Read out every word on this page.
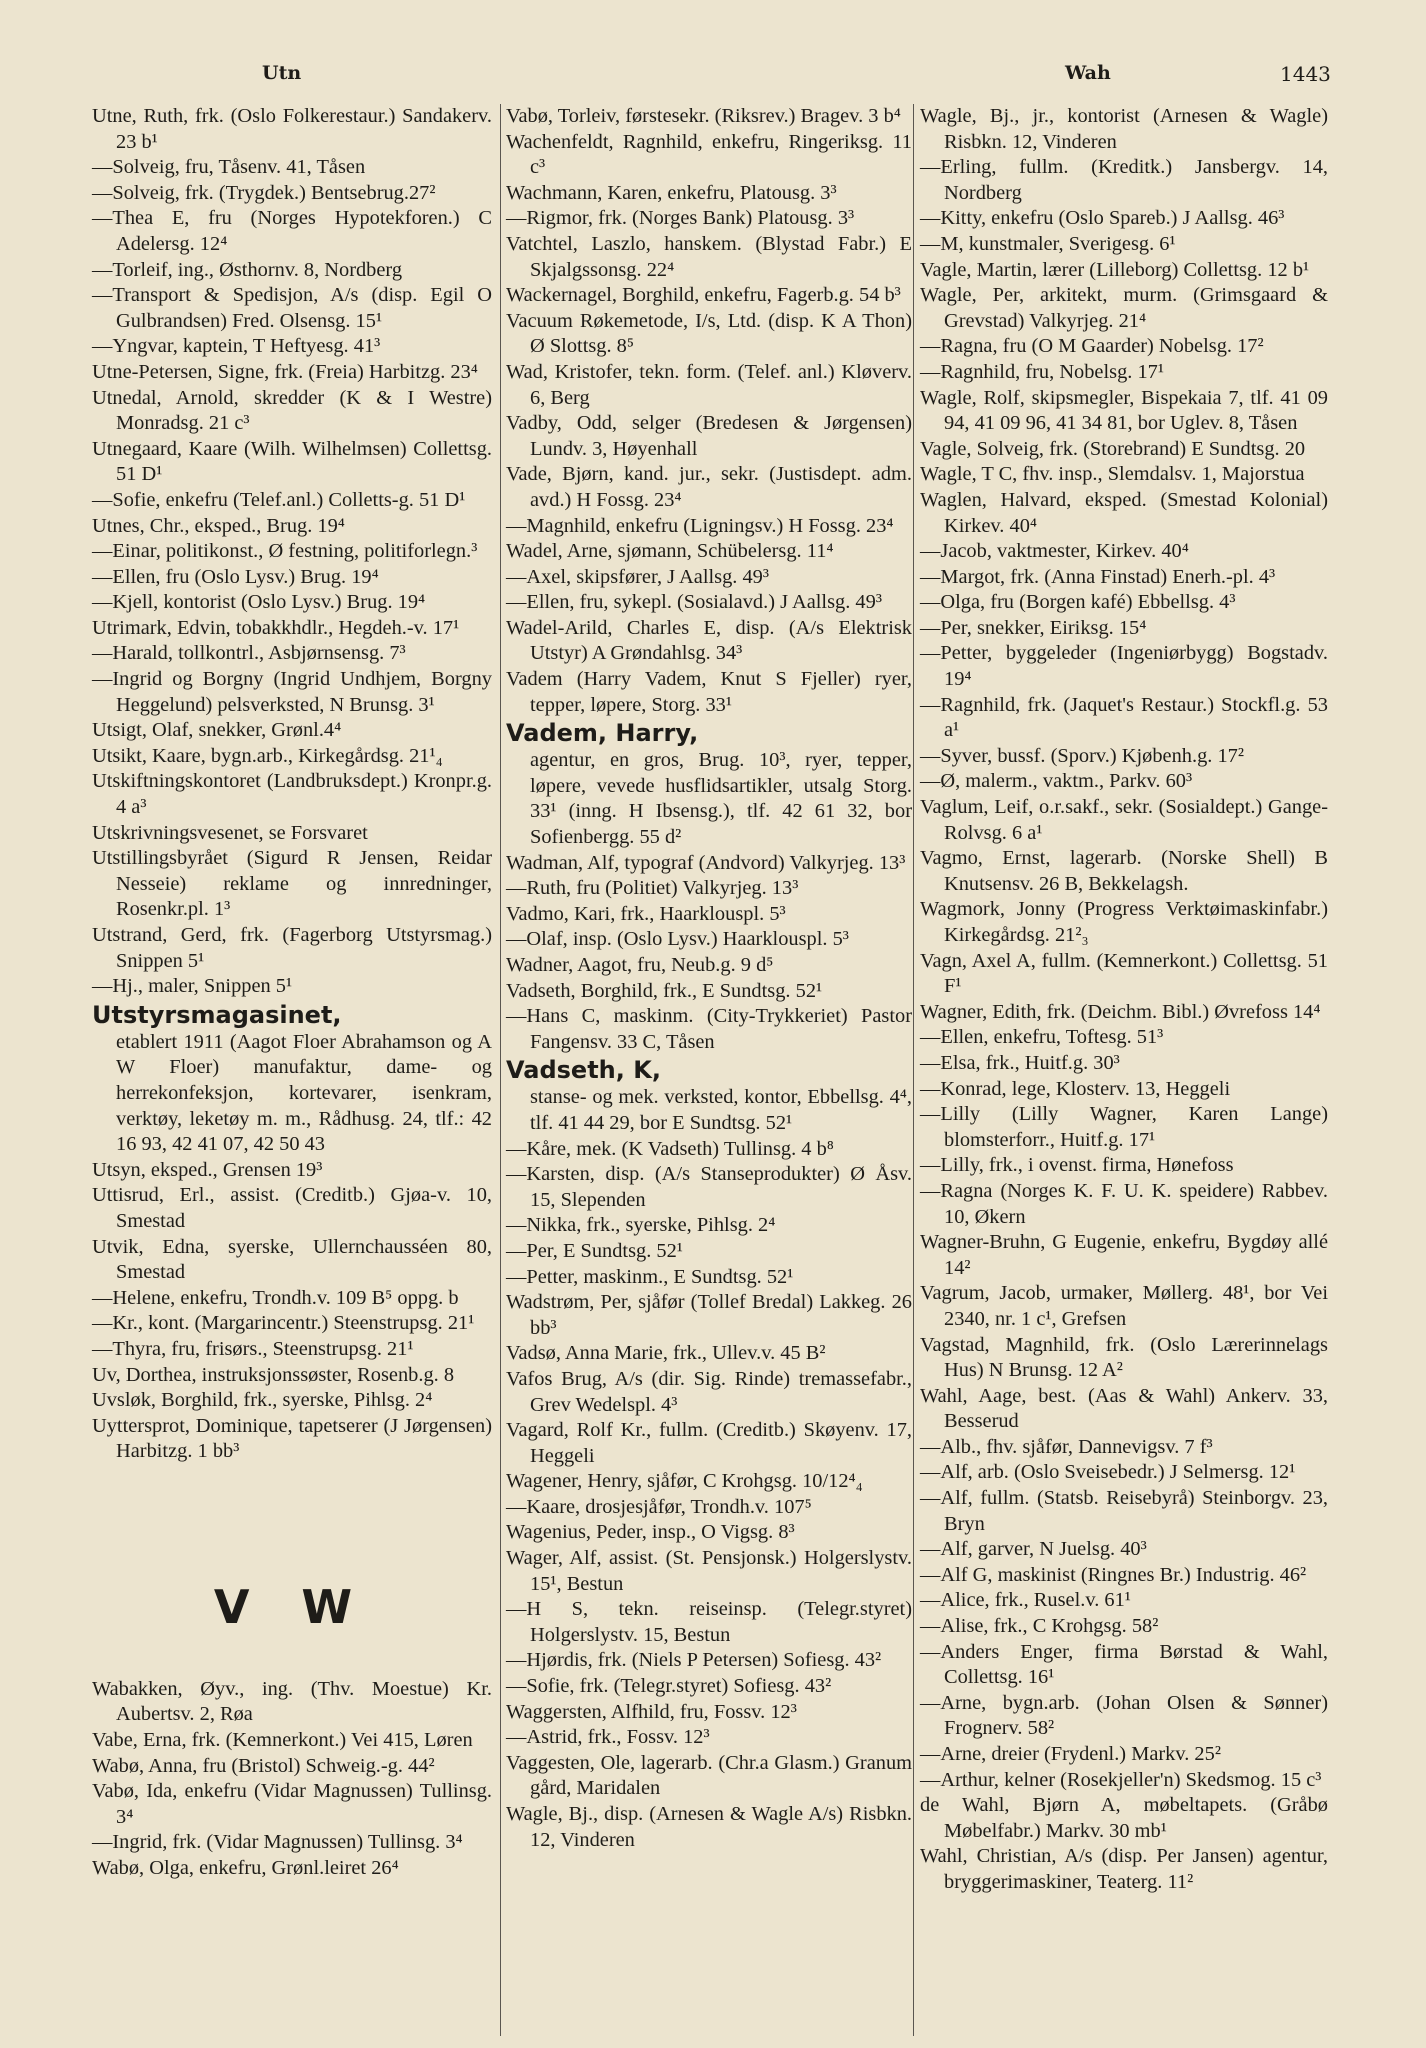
Utn	Wah	1443

Utne, Ruth, frk. (Oslo Folkerestaur.) Sandakerv. 23 b¹

—Solveig, fru, Tåsenv. 41, Tåsen

—Solveig, frk. (Trygdek.) Bentsebrug.27²

—Thea E, fru (Norges Hypotekforen.) C Adelersg. 12⁴

—Torleif, ing., Østhornv. 8, Nordberg

—Transport & Spedisjon, A/s (disp. Egil O Gulbrandsen) Fred. Olsensg. 15¹

—Yngvar, kaptein, T Heftyesg. 41³

Utne-Petersen, Signe, frk. (Freia) Harbitzg. 23⁴

Utnedal, Arnold, skredder (K & I Westre) Monradsg. 21 c³

Utnegaard, Kaare (Wilh. Wilhelmsen) Collettsg. 51 D¹

—Sofie, enkefru (Telef.anl.) Colletts-g. 51 D¹

Utnes, Chr., eksped., Brug. 19⁴

—Einar, politikonst., Ø festning, politiforlegn.³

—Ellen, fru (Oslo Lysv.) Brug. 19⁴

—Kjell, kontorist (Oslo Lysv.) Brug. 19⁴

Utrimark, Edvin, tobakkhdlr., Hegdeh.-v. 17¹

—Harald, tollkontrl., Asbjørnsensg. 7³

—Ingrid og Borgny (Ingrid Undhjem, Borgny Heggelund) pelsverksted, N Brunsg. 3¹

Utsigt, Olaf, snekker, Grønl.4⁴

Utsikt, Kaare, bygn.arb., Kirkegårdsg. 21¹₄

Utskiftningskontoret (Landbruksdept.) Kronpr.g. 4 a³

Utskrivningsvesenet, se Forsvaret

Utstillingsbyrået (Sigurd R Jensen, Reidar Nesseie) reklame og innredninger, Rosenkr.pl. 1³

Utstrand, Gerd, frk. (Fagerborg Utstyrsmag.) Snippen 5¹

—Hj., maler, Snippen 5¹

Utstyrsmagasinet,

etablert 1911 (Aagot Floer Abrahamson og A W Floer) manufaktur, dame- og herrekonfeksjon, kortevarer, isenkram, verktøy, leketøy m. m., Rådhusg. 24, tlf.: 42 16 93, 42 41 07, 42 50 43

Utsyn, eksped., Grensen 19³

Uttisrud, Erl., assist. (Creditb.) Gjøa-v. 10, Smestad

Utvik, Edna, syerske, Ullernchausséen 80, Smestad

—Helene, enkefru, Trondh.v. 109 B⁵ oppg. b

—Kr., kont. (Margarincentr.) Steenstrupsg. 21¹

—Thyra, fru, frisørs., Steenstrupsg. 21¹

Uv, Dorthea, instruksjonssøster, Rosenb.g. 8

Uvsløk, Borghild, frk., syerske, Pihlsg. 2⁴

Uyttersprot, Dominique, tapetserer (J Jørgensen) Harbitzg. 1 bb³

V W

Wabakken, Øyv., ing. (Thv. Moestue) Kr. Aubertsv. 2, Røa

Vabe, Erna, frk. (Kemnerkont.) Vei 415, Løren

Wabø, Anna, fru (Bristol) Schweig.-g. 44²

Vabø, Ida, enkefru (Vidar Magnussen) Tullinsg. 3⁴

—Ingrid, frk. (Vidar Magnussen) Tullinsg. 3⁴

Wabø, Olga, enkefru, Grønl.leiret 26⁴

Vabø, Torleiv, førstesekr. (Riksrev.) Bragev. 3 b⁴

Wachenfeldt, Ragnhild, enkefru, Ringeriksg. 11 c³

Wachmann, Karen, enkefru, Platousg. 3³

—Rigmor, frk. (Norges Bank) Platousg. 3³

Vatchtel, Laszlo, hanskem. (Blystad Fabr.) E Skjalgssonsg. 22⁴

Wackernagel, Borghild, enkefru, Fagerb.g. 54 b³

Vacuum Røkemetode, I/s, Ltd. (disp. K A Thon) Ø Slottsg. 8⁵

Wad, Kristofer, tekn. form. (Telef. anl.) Kløverv. 6, Berg

Vadby, Odd, selger (Bredesen & Jørgensen) Lundv. 3, Høyenhall

Vade, Bjørn, kand. jur., sekr. (Justisdept. adm. avd.) H Fossg. 23⁴

—Magnhild, enkefru (Ligningsv.) H Fossg. 23⁴

Wadel, Arne, sjømann, Schübelersg. 11⁴

—Axel, skipsfører, J Aallsg. 49³

—Ellen, fru, sykepl. (Sosialavd.) J Aallsg. 49³

Wadel-Arild, Charles E, disp. (A/s Elektrisk Utstyr) A Grøndahlsg. 34³

Vadem (Harry Vadem, Knut S Fjeller) ryer, tepper, løpere, Storg. 33¹

Vadem, Harry,

agentur, en gros, Brug. 10³, ryer, tepper, løpere, vevede husflidsartikler, utsalg Storg. 33¹ (inng. H Ibsensg.), tlf. 42 61 32, bor Sofienbergg. 55 d²

Wadman, Alf, typograf (Andvord) Valkyrjeg. 13³

—Ruth, fru (Politiet) Valkyrjeg. 13³

Vadmo, Kari, frk., Haarklouspl. 5³

—Olaf, insp. (Oslo Lysv.) Haarklouspl. 5³

Wadner, Aagot, fru, Neub.g. 9 d⁵

Vadseth, Borghild, frk., E Sundtsg. 52¹

—Hans C, maskinm. (City-Trykkeriet) Pastor Fangensv. 33 C, Tåsen

Vadseth, K,

stanse- og mek. verksted, kontor, Ebbellsg. 4⁴, tlf. 41 44 29, bor E Sundtsg. 52¹

—Kåre, mek. (K Vadseth) Tullinsg. 4 b⁸

—Karsten, disp. (A/s Stanseprodukter) Ø Åsv. 15, Slependen

—Nikka, frk., syerske, Pihlsg. 2⁴

—Per, E Sundtsg. 52¹

—Petter, maskinm., E Sundtsg. 52¹

Wadstrøm, Per, sjåfør (Tollef Bredal) Lakkeg. 26 bb³

Vadsø, Anna Marie, frk., Ullev.v. 45 B²

Vafos Brug, A/s (dir. Sig. Rinde) tremassefabr., Grev Wedelspl. 4³

Vagard, Rolf Kr., fullm. (Creditb.) Skøyenv. 17, Heggeli

Wagener, Henry, sjåfør, C Krohgsg. 10/12⁴₄

—Kaare, drosjesjåfør, Trondh.v. 107⁵

Wagenius, Peder, insp., O Vigsg. 8³

Wager, Alf, assist. (St. Pensjonsk.) Holgerslystv. 15¹, Bestun

—H S, tekn. reiseinsp. (Telegr.styret) Holgerslystv. 15, Bestun

—Hjørdis, frk. (Niels P Petersen) Sofiesg. 43²

—Sofie, frk. (Telegr.styret) Sofiesg. 43²

Waggersten, Alfhild, fru, Fossv. 12³

—Astrid, frk., Fossv. 12³

Vaggesten, Ole, lagerarb. (Chr.a Glasm.) Granum gård, Maridalen

Wagle, Bj., disp. (Arnesen & Wagle A/s) Risbkn. 12, Vinderen

Wagle, Bj., jr., kontorist (Arnesen & Wagle) Risbkn. 12, Vinderen

—Erling, fullm. (Kreditk.) Jansbergv. 14, Nordberg

—Kitty, enkefru (Oslo Spareb.) J Aallsg. 46³

—M, kunstmaler, Sverigesg. 6¹

Vagle, Martin, lærer (Lilleborg) Collettsg. 12 b¹

Wagle, Per, arkitekt, murm. (Grimsgaard & Grevstad) Valkyrjeg. 21⁴

—Ragna, fru (O M Gaarder) Nobelsg. 17²

—Ragnhild, fru, Nobelsg. 17¹

Wagle, Rolf, skipsmegler, Bispekaia 7, tlf. 41 09 94, 41 09 96, 41 34 81, bor Uglev. 8, Tåsen

Vagle, Solveig, frk. (Storebrand) E Sundtsg. 20

Wagle, T C, fhv. insp., Slemdalsv. 1, Majorstua

Waglen, Halvard, eksped. (Smestad Kolonial) Kirkev. 40⁴

—Jacob, vaktmester, Kirkev. 40⁴

—Margot, frk. (Anna Finstad) Enerh.-pl. 4³

—Olga, fru (Borgen kafé) Ebbellsg. 4³

—Per, snekker, Eiriksg. 15⁴

—Petter, byggeleder (Ingeniørbygg) Bogstadv. 19⁴

—Ragnhild, frk. (Jaquet's Restaur.) Stockfl.g. 53 a¹

—Syver, bussf. (Sporv.) Kjøbenh.g. 17²

—Ø, malerm., vaktm., Parkv. 60³

Vaglum, Leif, o.r.sakf., sekr. (Sosialdept.) Gange-Rolvsg. 6 a¹

Vagmo, Ernst, lagerarb. (Norske Shell) B Knutsensv. 26 B, Bekkelagsh.

Wagmork, Jonny (Progress Verktøimaskinfabr.) Kirkegårdsg. 21²₃

Vagn, Axel A, fullm. (Kemnerkont.) Collettsg. 51 F¹

Wagner, Edith, frk. (Deichm. Bibl.) Øvrefoss 14⁴

—Ellen, enkefru, Toftesg. 51³

—Elsa, frk., Huitf.g. 30³

—Konrad, lege, Klosterv. 13, Heggeli

—Lilly (Lilly Wagner, Karen Lange) blomsterforr., Huitf.g. 17¹

—Lilly, frk., i ovenst. firma, Hønefoss

—Ragna (Norges K. F. U. K. speidere) Rabbev. 10, Økern

Wagner-Bruhn, G Eugenie, enkefru, Bygdøy allé 14²

Vagrum, Jacob, urmaker, Møllerg. 48¹, bor Vei 2340, nr. 1 c¹, Grefsen

Vagstad, Magnhild, frk. (Oslo Lærerinnelags Hus) N Brunsg. 12 A²

Wahl, Aage, best. (Aas & Wahl) Ankerv. 33, Besserud

—Alb., fhv. sjåfør, Dannevigsv. 7 f³

—Alf, arb. (Oslo Sveisebedr.) J Selmersg. 12¹

—Alf, fullm. (Statsb. Reisebyrå) Steinborgv. 23, Bryn

—Alf, garver, N Juelsg. 40³

—Alf G, maskinist (Ringnes Br.) Industrig. 46²

—Alice, frk., Rusel.v. 61¹

—Alise, frk., C Krohgsg. 58²

—Anders Enger, firma Børstad & Wahl, Collettsg. 16¹

—Arne, bygn.arb. (Johan Olsen & Sønner) Frognerv. 58²

—Arne, dreier (Frydenl.) Markv. 25²

—Arthur, kelner (Rosekjeller'n) Skedsmog. 15 c³

de Wahl, Bjørn A, møbeltapets. (Gråbø Møbelfabr.) Markv. 30 mb¹

Wahl, Christian, A/s (disp. Per Jansen) agentur, bryggerimaskiner, Teaterg. 11²
